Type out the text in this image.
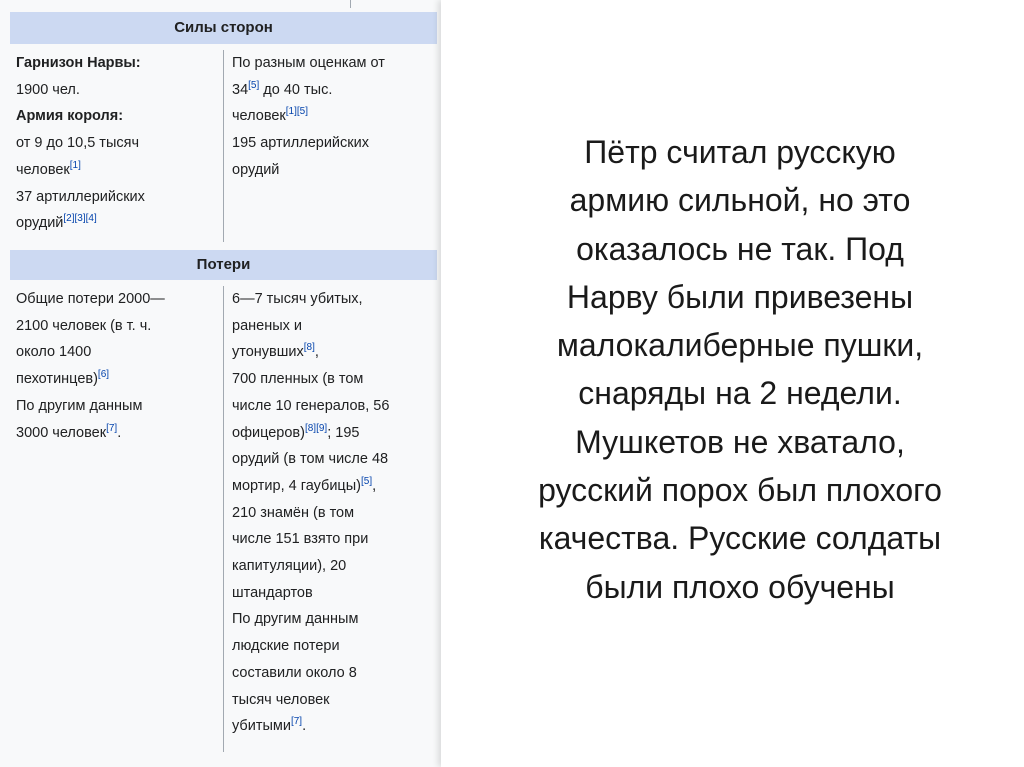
Силы сторон
Гарнизон Нарвы:
1900 чел.
Армия короля:
от 9 до 10,5 тысяч
человек[1]
37 артиллерийских
орудий[2][3][4]
По разным оценкам от
34[5] до 40 тыс.
человек[1][5]
195 артиллерийских
орудий
Потери
Общие потери 2000—
2100 человек (в т. ч.
около 1400
пехотинцев)[6]
По другим данным
3000 человек[7].
6—7 тысяч убитых,
раненых и
утонувших[8],
700 пленных (в том
числе 10 генералов, 56
офицеров)[8][9]; 195
орудий (в том числе 48
мортир, 4 гаубицы)[5],
210 знамён (в том
числе 151 взято при
капитуляции), 20
штандартов
По другим данным
людские потери
составили около 8
тысяч человек
убитыми[7].
Пётр считал русскую
армию сильной, но это
оказалось не так. Под
Нарву были привезены
малокалиберные пушки,
снаряды на 2 недели.
Мушкетов не хватало,
русский порох был плохого
качества. Русские солдаты
были плохо обучены
